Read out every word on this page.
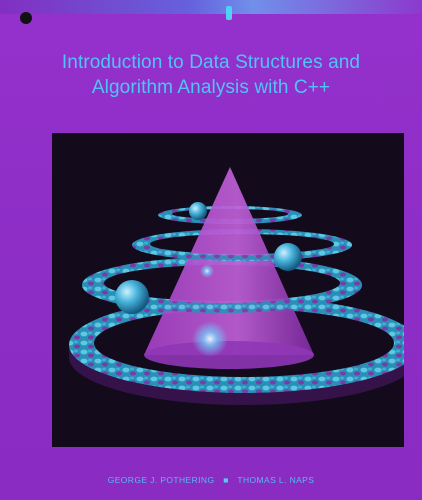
Introduction to Data Structures and
Algorithm Analysis with C++
GEORGE J. POTHERING ■ THOMAS L. NAPS
